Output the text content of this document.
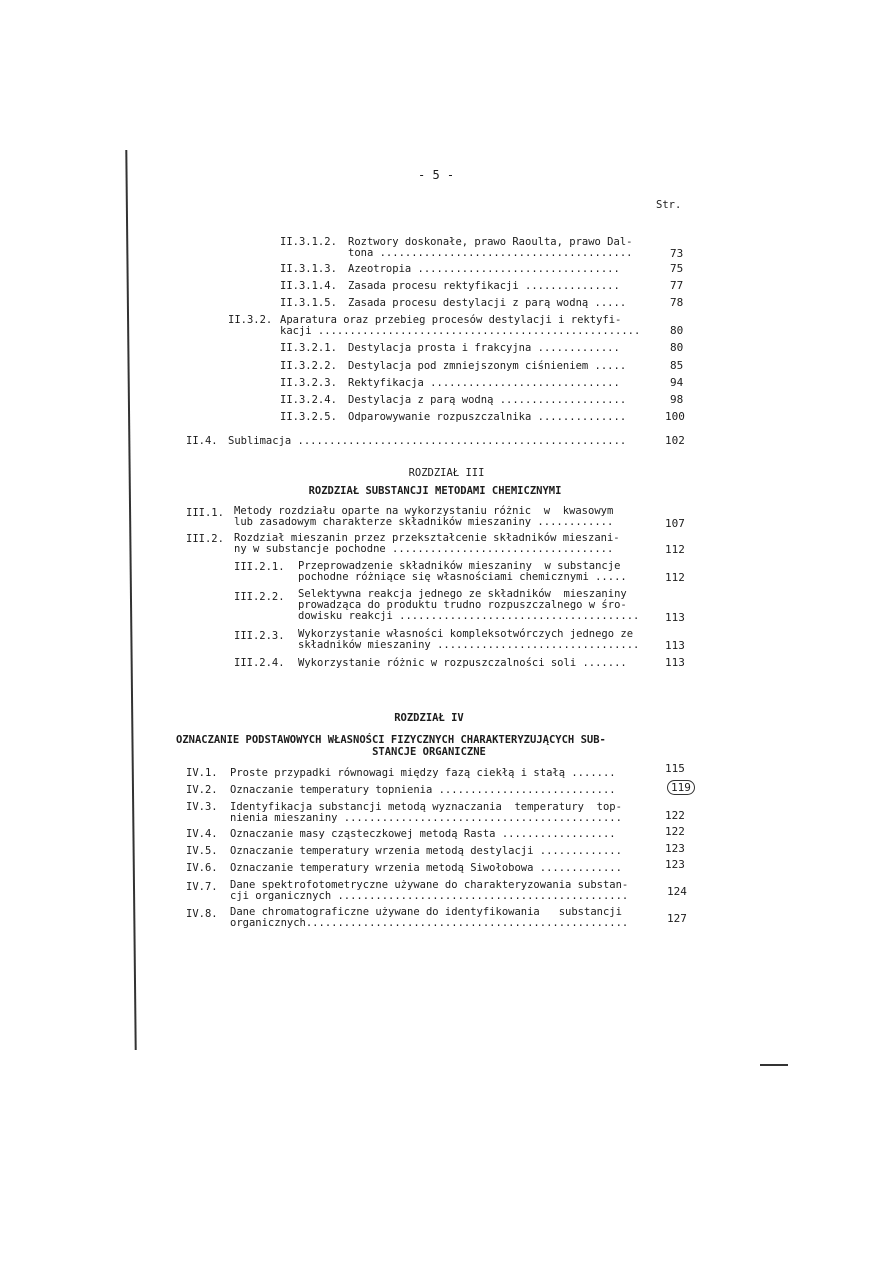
- 5 -
Str.
II.3.1.2. Roztwory doskonałe, prawo Raoulta, prawo Dal-
tona ........................................	73
II.3.1.3. Azeotropia ................................	75
II.3.1.4. Zasada procesu rektyfikacji ...............	77
II.3.1.5. Zasada procesu destylacji z parą wodną .....	78
II.3.2. Aparatura oraz przebieg procesów destylacji i rektyfi-
kacji ...................................................	80
II.3.2.1. Destylacja prosta i frakcyjna .............	80
II.3.2.2. Destylacja pod zmniejszonym ciśnieniem .....	85
II.3.2.3. Rektyfikacja ..............................	94
II.3.2.4. Destylacja z parą wodną ....................	98
II.3.2.5. Odparowywanie rozpuszczalnika ..............	100
II.4. Sublimacja ....................................................	102
ROZDZIAŁ III
ROZDZIAŁ SUBSTANCJI METODAMI CHEMICZNYMI
III.1. Metody rozdziału oparte na wykorzystaniu różnic  w  kwasowym
lub zasadowym charakterze składników mieszaniny ............	107
III.2. Rozdział mieszanin przez przekształcenie składników mieszani-
ny w substancje pochodne ...................................	112
III.2.1. Przeprowadzenie składników mieszaniny  w substancje
pochodne różniące się własnościami chemicznymi .....	112
III.2.2. Selektywna reakcja jednego ze składników  mieszaniny
prowadząca do produktu trudno rozpuszczalnego w śro-
dowisku reakcji ...................................... 113
III.2.3. Wykorzystanie własności kompleksotwórczych jednego ze
składników mieszaniny ................................ 113
III.2.4. Wykorzystanie różnic w rozpuszczalności soli .......	113
ROZDZIAŁ IV
OZNACZANIE PODSTAWOWYCH WŁASNOŚCI FIZYCZNYCH CHARAKTERYZUJĄCYCH SUB-
STANCJE ORGANICZNE
IV.1. Proste przypadki równowagi między fazą ciekłą i stałą .......	115
IV.2. Oznaczanie temperatury topnienia ............................	119
IV.3. Identyfikacja substancji metodą wyznaczania  temperatury  top-
nienia mieszaniny ............................................	122
IV.4. Oznaczanie masy cząsteczkowej metodą Rasta ..................	122
IV.5. Oznaczanie temperatury wrzenia metodą destylacji .............	123
IV.6. Oznaczanie temperatury wrzenia metodą Siwołobowa .............	123
IV.7. Dane spektrofotometryczne używane do charakteryzowania substan-
cji organicznych ..............................................	124
IV.8. Dane chromatograficzne używane do identyfikowania   substancji
organicznych...................................................	127
